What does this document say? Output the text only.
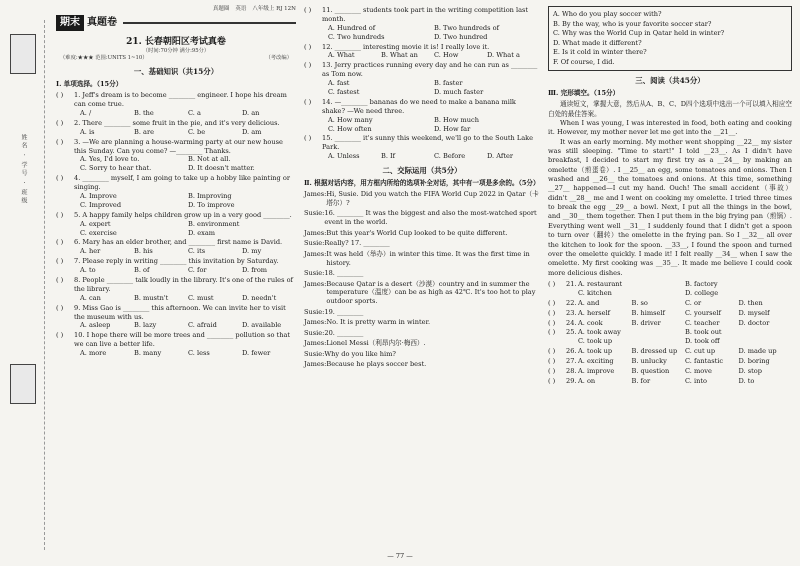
姓名 · 学号 · 班级
真题圈 英语 八年级上 RJ 12N
期末 真题卷
21. 长春朝阳区考试真卷
（时间:70分钟 满分:95分）
（难度:★★★ 范围:UNITS 1~10）	（考改编）
一、基础知识（共15分）
Ⅰ. 单项选择。（15分）
( )	1. Jeff's dream is to become ________ engineer. I hope his dream can come true.
A. /	B. the	C. a	D. an
( )	2. There ________ some fruit in the pie, and it's very delicious.
A. is	B. are	C. be	D. am
( )	3. —We are planning a house-warming party at our new house this Sunday. Can you come? —________ Thanks.
A. Yes, I'd love to.	B. Not at all.
C. Sorry to hear that.	D. It doesn't matter.
( )	4. ________ myself, I am going to take up a hobby like painting or singing.
A. Improve	B. Improving
C. Improved	D. To improve
( )	5. A happy family helps children grow up in a very good ________.
A. expert	B. environment
C. exercise	D. exam
( )	6. Mary has an elder brother, and ________ first name is David.
A. her	B. his	C. its	D. my
( )	7. Please reply in writing ________ this invitation by Saturday.
A. to	B. of	C. for	D. from
( )	8. People ________ talk loudly in the library. It's one of the rules of the library.
A. can	B. mustn't	C. must	D. needn't
( )	9. Miss Gao is ________ this afternoon. We can invite her to visit the museum with us.
A. asleep	B. lazy	C. afraid	D. available
( )	10. I hope there will be more trees and ________ pollution so that we can live a better life.
A. more	B. many	C. less	D. fewer
( )	11. ________ students took part in the writing competition last month.
A. Hundred of	B. Two hundreds of
C. Two hundreds	D. Two hundred
( )	12. ________ interesting movie it is! I really love it.
A. What	B. What an	C. How	D. What a
( )	13. Jerry practices running every day and he can run as ________ as Tom now.
A. fast	B. faster
C. fastest	D. much faster
( )	14. —________ bananas do we need to make a banana milk shake? —We need three.
A. How many	B. How much
C. How often	D. How far
( )	15. ________ it's sunny this weekend, we'll go to the South Lake Park.
A. Unless	B. If	C. Before	D. After
二、交际运用（共5分）
Ⅱ. 根据对话内容，用方框内所给的选项补全对话，其中有一项是多余的。（5分）
James: Hi, Susie. Did you watch the FIFA World Cup 2022 in Qatar（卡塔尔）?
Susie: 16. ________ It was the biggest and also the most-watched sport event in the world.
James: But this year's World Cup looked to be quite different.
Susie: Really? 17. ________
James: It was held（举办）in winter this time. It was the first time in history.
Susie: 18. ________
James: Because Qatar is a desert（沙漠）country and in summer the temperature（温度）can be as high as 42℃. It's too hot to play outdoor sports.
Susie: 19. ________
James: No. It is pretty warm in winter.
Susie: 20. ________
James: Lionel Messi（利昂内尔·梅西）.
Susie: Why do you like him?
James: Because he plays soccer best.
A. Who do you play soccer with?
B. By the way, who is your favorite soccer star?
C. Why was the World Cup in Qatar held in winter?
D. What made it different?
E. Is it cold in winter there?
F. Of course, I did.
三、阅读（共45分）
Ⅲ. 完形填空。（15分）
通读短文，掌握大意，然后从A、B、C、D四个选项中选出一个可以填入相应空白处的最佳答案。
When I was young, I was interested in food, both eating and cooking it. However, my mother never let me get into the __21__.
It was an early morning. My mother went shopping __22__ my sister was still sleeping. "Time to start!" I told __23__. As I didn't have breakfast, I decided to start my first try as a __24__ by making an omelette（煎蛋卷）. I __25__ an egg, some tomatoes and onions. Then I washed and __26__ the tomatoes and onions. At this time, something __27__ happened—I cut my hand. Ouch! The small accident（事故）didn't __28__ me and I went on cooking my omelette. I tried three times to break the egg __29__ a bowl. Next, I put all the things in the bowl, and __30__ them together. Then I put them in the big frying pan（煎锅）. Everything went well __31__ I suddenly found that I didn't get a spoon to turn over（翻转）the omelette in the frying pan. So I __32__ all over the kitchen to look for the spoon. __33__, I found the spoon and turned over the omelette quickly. I made it! I felt really __34__ when I saw the omelette. My first cooking was __35__. It made me believe I could cook more delicious dishes.
( )	21. A. restaurant	B. factory
C. kitchen	D. college
( )	22. A. and	B. so	C. or	D. then
( )	23. A. herself	B. himself	C. yourself	D. myself
( )	24. A. cook	B. driver	C. teacher	D. doctor
( )	25. A. took away	B. took out
C. took up	D. took off
( )	26. A. took up	B. dressed up	C. cut up	D. made up
( )	27. A. exciting	B. unlucky	C. fantastic	D. boring
( )	28. A. improve	B. question	C. move	D. stop
( )	29. A. on	B. for	C. into	D. to
— 77 —
